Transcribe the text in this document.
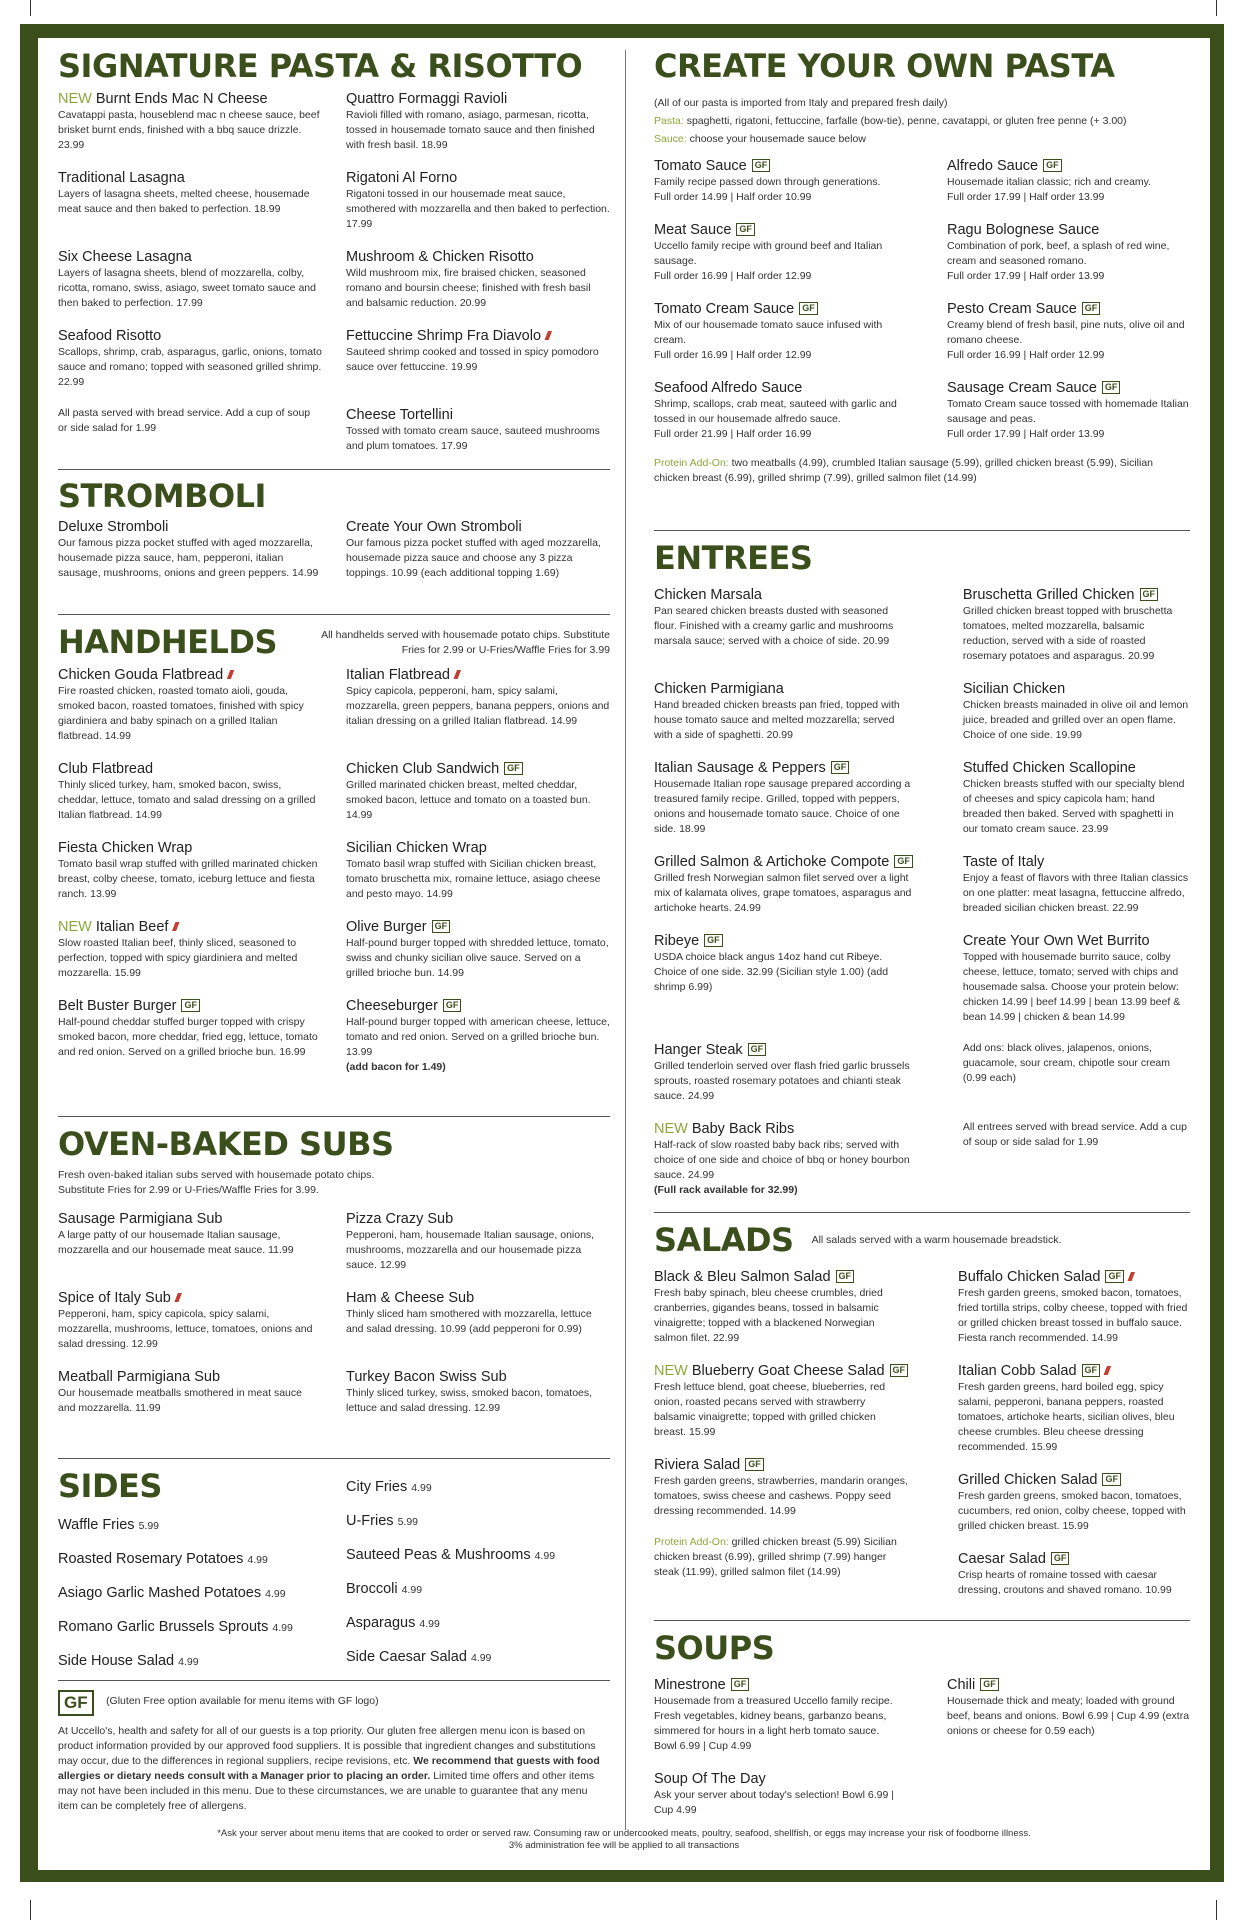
SIGNATURE PASTA & RISOTTO
NEW Burnt Ends Mac N Cheese
Cavatappi pasta, houseblend mac n cheese sauce, beef brisket burnt ends, finished with a bbq sauce drizzle. 23.99
Quattro Formaggi Ravioli
Ravioli filled with romano, asiago, parmesan, ricotta, tossed in housemade tomato sauce and then finished with fresh basil. 18.99
Traditional Lasagna
Layers of lasagna sheets, melted cheese, housemade meat sauce and then baked to perfection. 18.99
Rigatoni Al Forno
Rigatoni tossed in our housemade meat sauce, smothered with mozzarella and then baked to perfection. 17.99
Six Cheese Lasagna
Layers of lasagna sheets, blend of mozzarella, colby, ricotta, romano, swiss, asiago, sweet tomato sauce and then baked to perfection. 17.99
Mushroom & Chicken Risotto
Wild mushroom mix, fire braised chicken, seasoned romano and boursin cheese; finished with fresh basil and balsamic reduction. 20.99
Seafood Risotto
Scallops, shrimp, crab, asparagus, garlic, onions, tomato sauce and romano; topped with seasoned grilled shrimp. 22.99
Fettuccine Shrimp Fra Diavolo ///
Sauteed shrimp cooked and tossed in spicy pomodoro sauce over fettuccine. 19.99
All pasta served with bread service. Add a cup of soup or side salad for 1.99
Cheese Tortellini
Tossed with tomato cream sauce, sauteed mushrooms and plum tomatoes. 17.99
STROMBOLI
Deluxe Stromboli
Our famous pizza pocket stuffed with aged mozzarella, housemade pizza sauce, ham, pepperoni, italian sausage, mushrooms, onions and green peppers. 14.99
Create Your Own Stromboli
Our famous pizza pocket stuffed with aged mozzarella, housemade pizza sauce and choose any 3 pizza toppings. 10.99 (each additional topping 1.69)
HANDHELDS	All handhelds served with housemade potato chips. Substitute Fries for 2.99 or U-Fries/Waffle Fries for 3.99
Chicken Gouda Flatbread ///
Fire roasted chicken, roasted tomato aioli, gouda, smoked bacon, roasted tomatoes, finished with spicy giardiniera and baby spinach on a grilled Italian flatbread. 14.99
Italian Flatbread ///
Spicy capicola, pepperoni, ham, spicy salami, mozzarella, green peppers, banana peppers, onions and italian dressing on a grilled Italian flatbread. 14.99
Club Flatbread
Thinly sliced turkey, ham, smoked bacon, swiss, cheddar, lettuce, tomato and salad dressing on a grilled Italian flatbread. 14.99
Chicken Club Sandwich GF
Grilled marinated chicken breast, melted cheddar, smoked bacon, lettuce and tomato on a toasted bun. 14.99
Fiesta Chicken Wrap
Tomato basil wrap stuffed with grilled marinated chicken breast, colby cheese, tomato, iceburg lettuce and fiesta ranch. 13.99
Sicilian Chicken Wrap
Tomato basil wrap stuffed with Sicilian chicken breast, tomato bruschetta mix, romaine lettuce, asiago cheese and pesto mayo. 14.99
NEW Italian Beef ///
Slow roasted Italian beef, thinly sliced, seasoned to perfection, topped with spicy giardiniera and melted mozzarella. 15.99
Olive Burger GF
Half-pound burger topped with shredded lettuce, tomato, swiss and chunky sicilian olive sauce. Served on a grilled brioche bun. 14.99
Belt Buster Burger GF
Half-pound cheddar stuffed burger topped with crispy smoked bacon, more cheddar, fried egg, lettuce, tomato and red onion. Served on a grilled brioche bun. 16.99
Cheeseburger GF
Half-pound burger topped with american cheese, lettuce, tomato and red onion. Served on a grilled brioche bun. 13.99
(add bacon for 1.49)
OVEN-BAKED SUBS
Fresh oven-baked italian subs served with housemade potato chips. Substitute Fries for 2.99 or U-Fries/Waffle Fries for 3.99.
Sausage Parmigiana Sub
A large patty of our housemade Italian sausage, mozzarella and our housemade meat sauce. 11.99
Pizza Crazy Sub
Pepperoni, ham, housemade Italian sausage, onions, mushrooms, mozzarella and our housemade pizza sauce. 12.99
Spice of Italy Sub ///
Pepperoni, ham, spicy capicola, spicy salami, mozzarella, mushrooms, lettuce, tomatoes, onions and salad dressing. 12.99
Ham & Cheese Sub
Thinly sliced ham smothered with mozzarella, lettuce and salad dressing. 10.99 (add pepperoni for 0.99)
Meatball Parmigiana Sub
Our housemade meatballs smothered in meat sauce and mozzarella. 11.99
Turkey Bacon Swiss Sub
Thinly sliced turkey, swiss, smoked bacon, tomatoes, lettuce and salad dressing. 12.99
SIDES
Waffle Fries 5.99
Roasted Rosemary Potatoes 4.99
Asiago Garlic Mashed Potatoes 4.99
Romano Garlic Brussels Sprouts 4.99
Side House Salad 4.99
City Fries 4.99
U-Fries 5.99
Sauteed Peas & Mushrooms 4.99
Broccoli 4.99
Asparagus 4.99
Side Caesar Salad 4.99
GF $^{(Gluten Free option available for menu items with GF logo)}$
At Uccello's, health and safety for all of our guests is a top priority. Our gluten free allergen menu icon is based on product information provided by our approved food suppliers. It is possible that ingredient changes and substitutions may occur, due to the differences in regional suppliers, recipe revisions, etc. We recommend that guests with food allergies or dietary needs consult with a Manager prior to placing an order. Limited time offers and other items may not have been included in this menu. Due to these circumstances, we are unable to guarantee that any menu item can be completely free of allergens.
CREATE YOUR OWN PASTA
(All of our pasta is imported from Italy and prepared fresh daily)
Pasta: spaghetti, rigatoni, fettuccine, farfalle (bow-tie), penne, cavatappi, or gluten free penne (+ 3.00)
Sauce: choose your housemade sauce below
Tomato Sauce GF
Family recipe passed down through generations.
Full order 14.99 | Half order 10.99
Alfredo Sauce GF
Housemade italian classic; rich and creamy.
Full order 17.99 | Half order 13.99
Meat Sauce GF
Uccello family recipe with ground beef and Italian sausage.
Full order 16.99 | Half order 12.99
Ragu Bolognese Sauce
Combination of pork, beef, a splash of red wine, cream and seasoned romano.
Full order 17.99 | Half order 13.99
Tomato Cream Sauce GF
Mix of our housemade tomato sauce infused with cream.
Full order 16.99 | Half order 12.99
Pesto Cream Sauce GF
Creamy blend of fresh basil, pine nuts, olive oil and romano cheese.
Full order 16.99 | Half order 12.99
Seafood Alfredo Sauce
Shrimp, scallops, crab meat, sauteed with garlic and tossed in our housemade alfredo sauce.
Full order 21.99 | Half order 16.99
Sausage Cream Sauce GF
Tomato Cream sauce tossed with homemade Italian sausage and peas.
Full order 17.99 | Half order 13.99
Protein Add-On: two meatballs (4.99), crumbled Italian sausage (5.99), grilled chicken breast (5.99), Sicilian chicken breast (6.99), grilled shrimp (7.99), grilled salmon filet (14.99)
ENTREES
Chicken Marsala
Pan seared chicken breasts dusted with seasoned flour. Finished with a creamy garlic and mushrooms marsala sauce; served with a choice of side. 20.99
Bruschetta Grilled Chicken GF
Grilled chicken breast topped with bruschetta tomatoes, melted mozzarella, balsamic reduction, served with a side of roasted rosemary potatoes and asparagus. 20.99
Chicken Parmigiana
Hand breaded chicken breasts pan fried, topped with house tomato sauce and melted mozzarella; served with a side of spaghetti. 20.99
Sicilian Chicken
Chicken breasts mainaded in olive oil and lemon juice, breaded and grilled over an open flame. Choice of one side. 19.99
Italian Sausage & Peppers GF
Housemade Italian rope sausage prepared according a treasured family recipe. Grilled, topped with peppers, onions and housemade tomato sauce. Choice of one side. 18.99
Stuffed Chicken Scallopine
Chicken breasts stuffed with our specialty blend of cheeses and spicy capicola ham; hand breaded then baked. Served with spaghetti in our tomato cream sauce. 23.99
Grilled Salmon & Artichoke Compote GF
Grilled fresh Norwegian salmon filet served over a light mix of kalamata olives, grape tomatoes, asparagus and artichoke hearts. 24.99
Taste of Italy
Enjoy a feast of flavors with three Italian classics on one platter: meat lasagna, fettuccine alfredo, breaded sicilian chicken breast. 22.99
Ribeye GF
USDA choice black angus 14oz hand cut Ribeye. Choice of one side. 32.99 (Sicilian style 1.00) (add shrimp 6.99)
Create Your Own Wet Burrito
Topped with housemade burrito sauce, colby cheese, lettuce, tomato; served with chips and housemade salsa. Choose your protein below: chicken 14.99 | beef 14.99 | bean 13.99 beef & bean 14.99 | chicken & bean 14.99
Hanger Steak GF
Grilled tenderloin served over flash fried garlic brussels sprouts, roasted rosemary potatoes and chianti steak sauce. 24.99
Add ons: black olives, jalapenos, onions, guacamole, sour cream, chipotle sour cream (0.99 each)
NEW Baby Back Ribs
Half-rack of slow roasted baby back ribs; served with choice of one side and choice of bbq or honey bourbon sauce. 24.99
(Full rack available for 32.99)
All entrees served with bread service. Add a cup of soup or side salad for 1.99
SALADS All salads served with a warm housemade breadstick.
Black & Bleu Salmon Salad GF
Fresh baby spinach, bleu cheese crumbles, dried cranberries, gigandes beans, tossed in balsamic vinaigrette; topped with a blackened Norwegian salmon filet. 22.99
NEW Blueberry Goat Cheese Salad GF
Fresh lettuce blend, goat cheese, blueberries, red onion, roasted pecans served with strawberry balsamic vinaigrette; topped with grilled chicken breast. 15.99
Riviera Salad GF
Fresh garden greens, strawberries, mandarin oranges, tomatoes, swiss cheese and cashews. Poppy seed dressing recommended. 14.99
Protein Add-On: grilled chicken breast (5.99) Sicilian chicken breast (6.99), grilled shrimp (7.99) hanger steak (11.99), grilled salmon filet (14.99)
Buffalo Chicken Salad GF ///
Fresh garden greens, smoked bacon, tomatoes, fried tortilla strips, colby cheese, topped with fried or grilled chicken breast tossed in buffalo sauce. Fiesta ranch recommended. 14.99
Italian Cobb Salad GF ///
Fresh garden greens, hard boiled egg, spicy salami, pepperoni, banana peppers, roasted tomatoes, artichoke hearts, sicilian olives, bleu cheese crumbles. Bleu cheese dressing recommended. 15.99
Grilled Chicken Salad GF
Fresh garden greens, smoked bacon, tomatoes, cucumbers, red onion, colby cheese, topped with grilled chicken breast. 15.99
Caesar Salad GF
Crisp hearts of romaine tossed with caesar dressing, croutons and shaved romano. 10.99
SOUPS
Minestrone GF
Housemade from a treasured Uccello family recipe. Fresh vegetables, kidney beans, garbanzo beans, simmered for hours in a light herb tomato sauce. Bowl 6.99 | Cup 4.99
Chili GF
Housemade thick and meaty; loaded with ground beef, beans and onions. Bowl 6.99 | Cup 4.99 (extra onions or cheese for 0.59 each)
Soup Of The Day
Ask your server about today's selection! Bowl 6.99 | Cup 4.99
*Ask your server about menu items that are cooked to order or served raw. Consuming raw or undercooked meats, poultry, seafood, shellfish, or eggs may increase your risk of foodborne illness.
3% administration fee will be applied to all transactions
